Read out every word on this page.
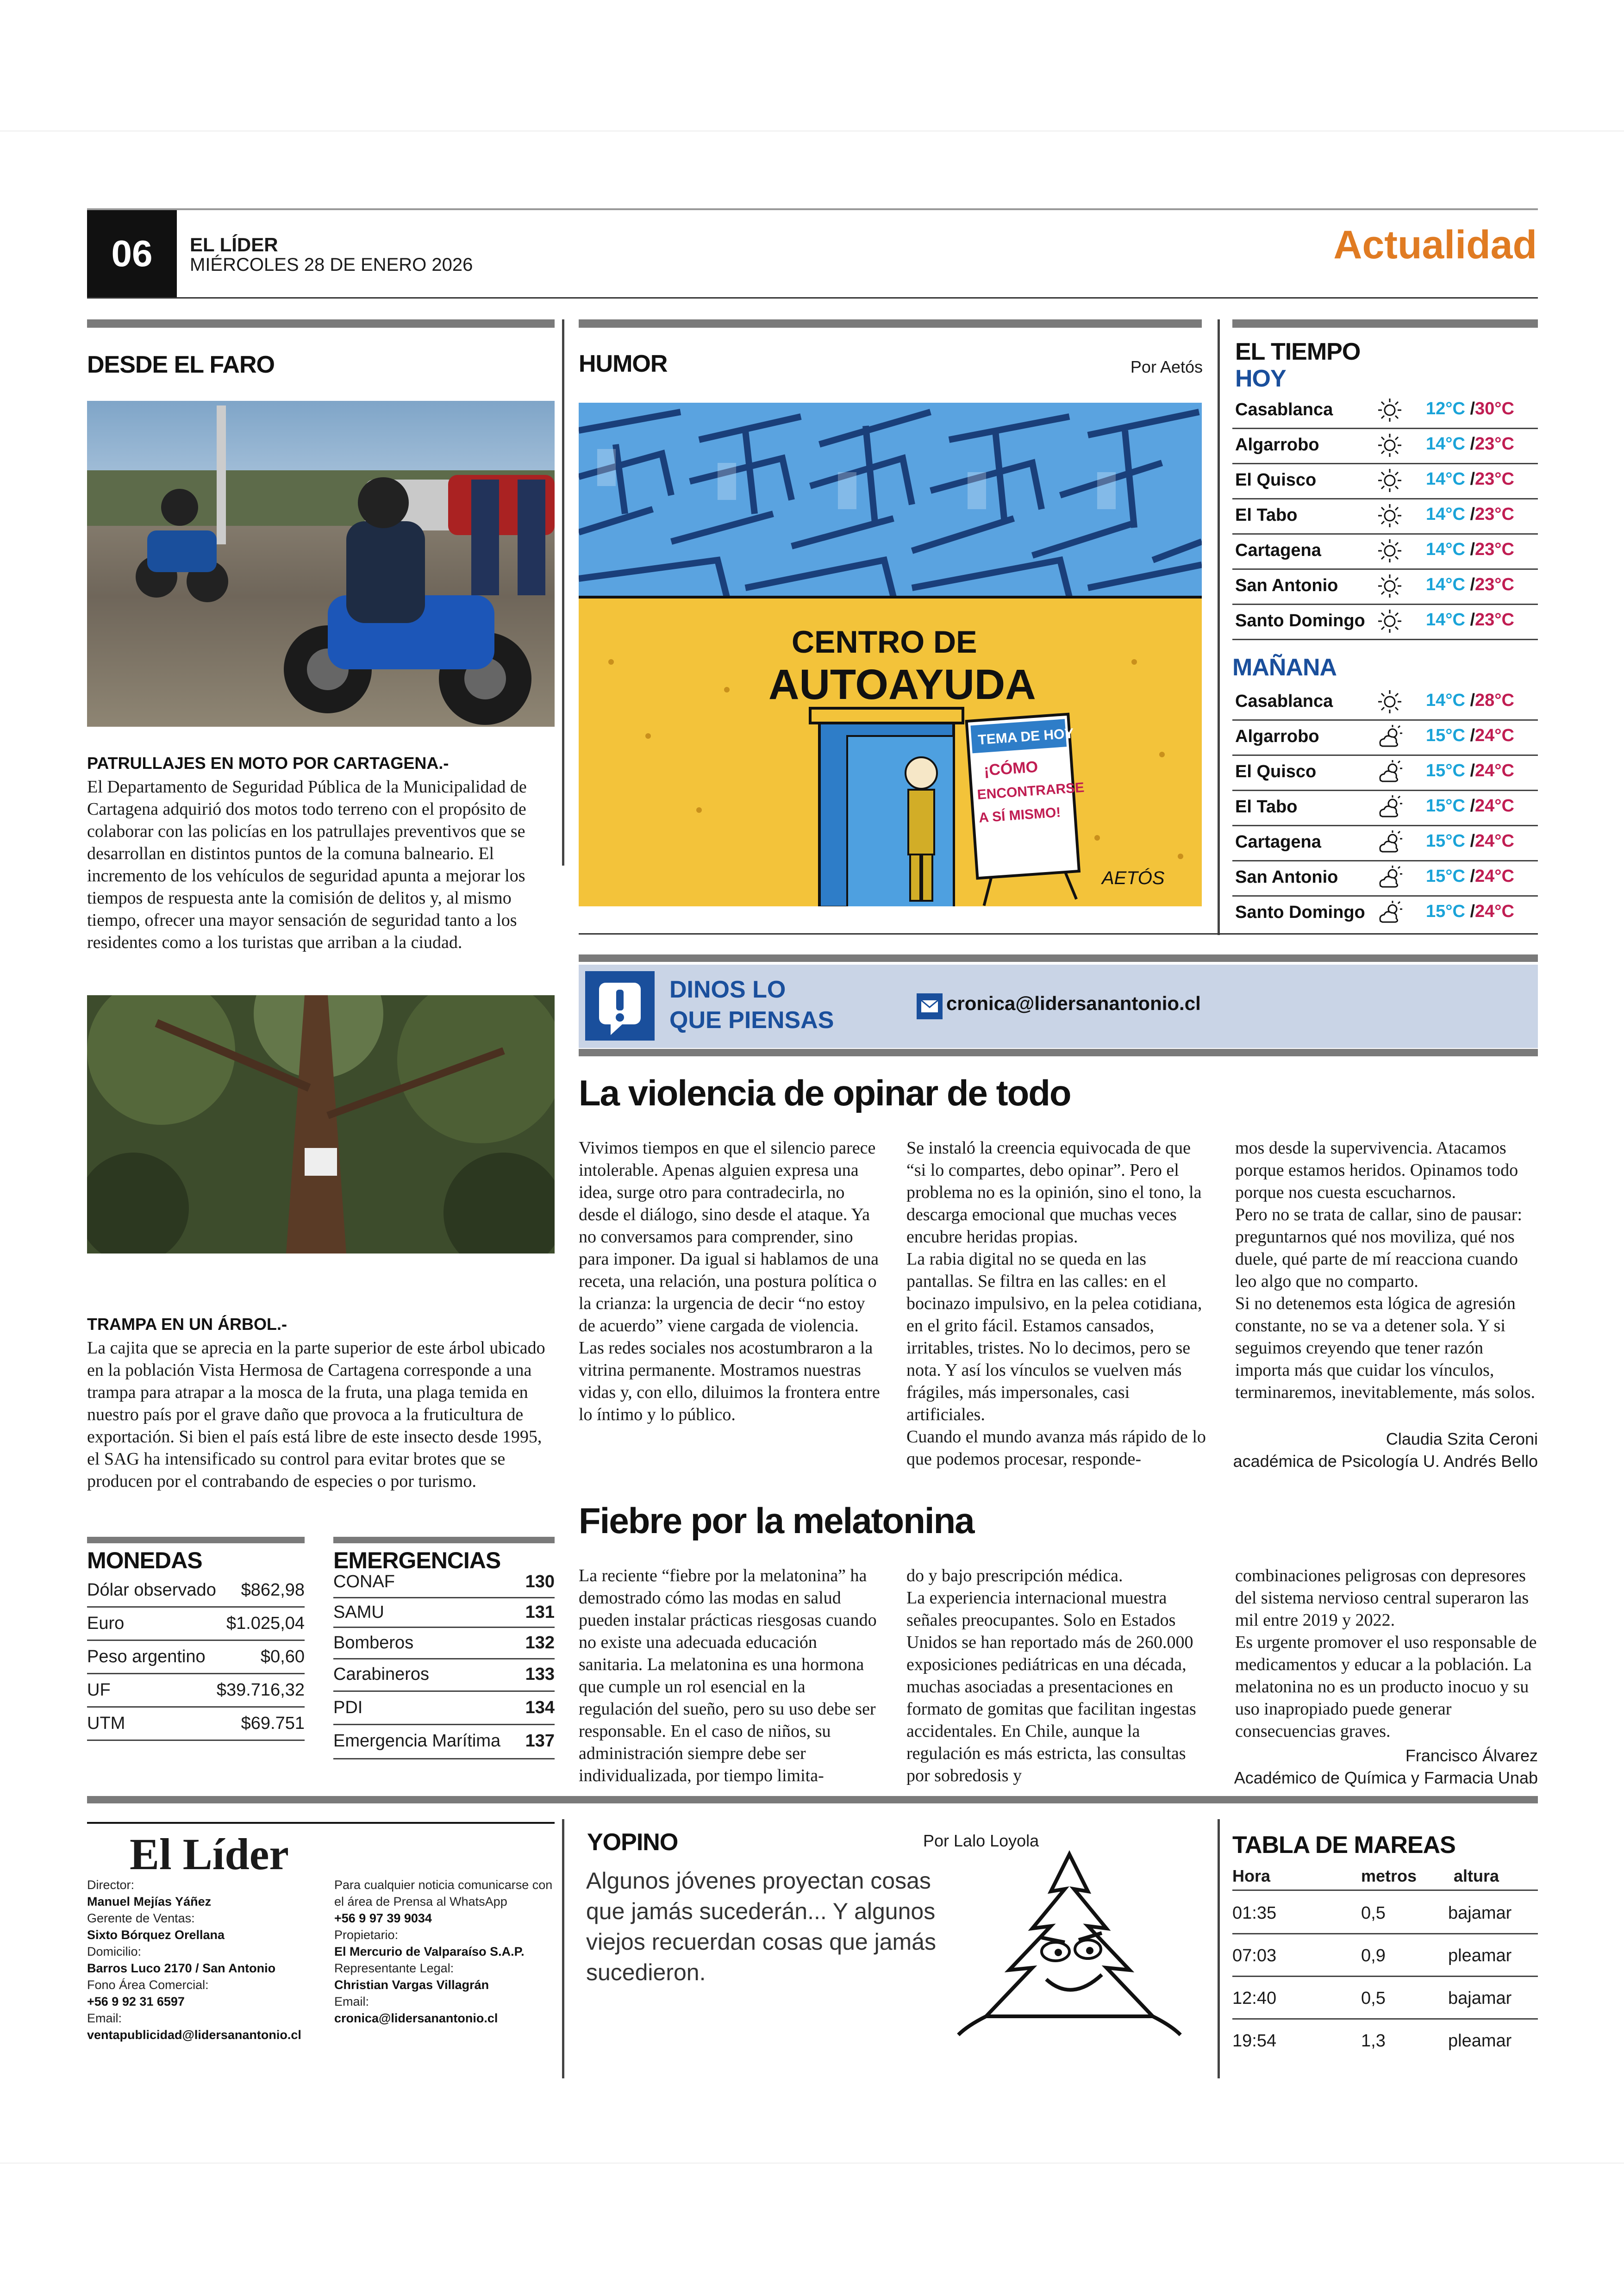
06	EL LÍDER
MIÉRCOLES 28 DE ENERO 2026	Actualidad
DESDE EL FARO
PATRULLAJES EN MOTO POR CARTAGENA.-
El Departamento de Seguridad Pública de la Municipalidad de Cartagena adquirió dos motos todo terreno con el propósito de colaborar con las policías en los patrullajes preventivos que se desarrollan en distintos puntos de la comuna balneario. El incremento de los vehículos de seguridad apunta a mejorar los tiempos de respuesta ante la comisión de delitos y, al mismo tiempo, ofrecer una mayor sensación de seguridad tanto a los residentes como a los turistas que arriban a la ciudad.
TRAMPA EN UN ÁRBOL.-
La cajita que se aprecia en la parte superior de este árbol ubicado en la población Vista Hermosa de Cartagena corresponde a una trampa para atrapar a la mosca de la fruta, una plaga temida en nuestro país por el grave daño que provoca a la fruticultura de exportación. Si bien el país está libre de este insecto desde 1995, el SAG ha intensificado su control para evitar brotes que se producen por el contrabando de especies o por turismo.
MONEDAS
Dólar observado $862,98
Euro	$1.025,04
Peso argentino	$0,60
UF	$39.716,32
UTM	$69.751
EMERGENCIAS
CONAF	130
SAMU	131
Bomberos	132
Carabineros	133
PDI	134
Emergencia Marítima 137
HUMOR	Por Aetós
CENTRO DE
AUTOAYUDA
TEMA DE HOY
¡CÓMO
ENCONTRARSE
A SÍ MISMO!
AETÓS
EL TIEMPO
HOY
Casablanca	12°C /30°C
Algarrobo	14°C /23°C
El Quisco	14°C /23°C
El Tabo	14°C /23°C
Cartagena	14°C /23°C
San Antonio	14°C /23°C
Santo Domingo	14°C /23°C
MAÑANA
Casablanca	14°C /28°C
Algarrobo	15°C /24°C
El Quisco	15°C /24°C
El Tabo	15°C /24°C
Cartagena	15°C /24°C
San Antonio	15°C /24°C
Santo Domingo	15°C /24°C
DINOS LO
QUE PIENSAS
cronica@lidersanantonio.cl
La violencia de opinar de todo
Vivimos tiempos en que el silencio parece intolerable. Apenas alguien expresa una idea, surge otro para contradecirla, no desde el diálogo, sino desde el ataque. Ya no conversamos para comprender, sino para imponer. Da igual si hablamos de una receta, una relación, una postura política o la crianza: la urgencia de decir “no estoy de acuerdo” viene cargada de violencia.
Las redes sociales nos acostumbraron a la vitrina permanente. Mostramos nuestras vidas y, con ello, diluimos la frontera entre lo íntimo y lo público.
Se instaló la creencia equivocada de que “si lo compartes, debo opinar”. Pero el problema no es la opinión, sino el tono, la descarga emocional que muchas veces encubre heridas propias.
La rabia digital no se queda en las pantallas. Se filtra en las calles: en el bocinazo impulsivo, en la pelea cotidiana, en el grito fácil. Estamos cansados, irritables, tristes. No lo decimos, pero se nota. Y así los vínculos se vuelven más frágiles, más impersonales, casi artificiales.
Cuando el mundo avanza más rápido de lo que podemos procesar, responde-
mos desde la supervivencia. Atacamos porque estamos heridos. Opinamos todo porque nos cuesta escucharnos.
Pero no se trata de callar, sino de pausar: preguntarnos qué nos moviliza, qué nos duele, qué parte de mí reacciona cuando leo algo que no comparto.
Si no detenemos esta lógica de agresión constante, no se va a detener sola. Y si seguimos creyendo que tener razón importa más que cuidar los vínculos, terminaremos, inevitablemente, más solos.
Claudia Szita Ceroni
académica de Psicología U. Andrés Bello
Fiebre por la melatonina
La reciente “fiebre por la melatonina” ha demostrado cómo las modas en salud pueden instalar prácticas riesgosas cuando no existe una adecuada educación sanitaria. La melatonina es una hormona que cumple un rol esencial en la regulación del sueño, pero su uso debe ser responsable. En el caso de niños, su administración siempre debe ser individualizada, por tiempo limita-
do y bajo prescripción médica.
La experiencia internacional muestra señales preocupantes. Solo en Estados Unidos se han reportado más de 260.000 exposiciones pediátricas en una década, muchas asociadas a presentaciones en formato de gomitas que facilitan ingestas accidentales. En Chile, aunque la regulación es más estricta, las consultas por sobredosis y
combinaciones peligrosas con depresores del sistema nervioso central superaron las mil entre 2019 y 2022.
Es urgente promover el uso responsable de medicamentos y educar a la población. La melatonina no es un producto inocuo y su uso inapropiado puede generar consecuencias graves.
Francisco Álvarez
Académico de Química y Farmacia Unab
El Líder
Director:
Manuel Mejías Yáñez
Gerente de Ventas:
Sixto Bórquez Orellana
Domicilio:
Barros Luco 2170 / San Antonio
Fono Área Comercial:
+56 9 92 31 6597
Email:
ventapublicidad@lidersanantonio.cl
Para cualquier noticia comunicarse con el área de Prensa al WhatsApp
+56 9 97 39 9034
Propietario:
El Mercurio de Valparaíso S.A.P.
Representante Legal:
Christian Vargas Villagrán
Email:
cronica@lidersanantonio.cl
YOPINO	Por Lalo Loyola
Algunos jóvenes proyectan cosas que jamás sucederán... Y algunos viejos recuerdan cosas que jamás sucedieron.
TABLA DE MAREAS
Hora	metros altura
01:35	0,5	bajamar
07:03	0,9	pleamar
12:40	0,5	bajamar
19:54	1,3	pleamar
